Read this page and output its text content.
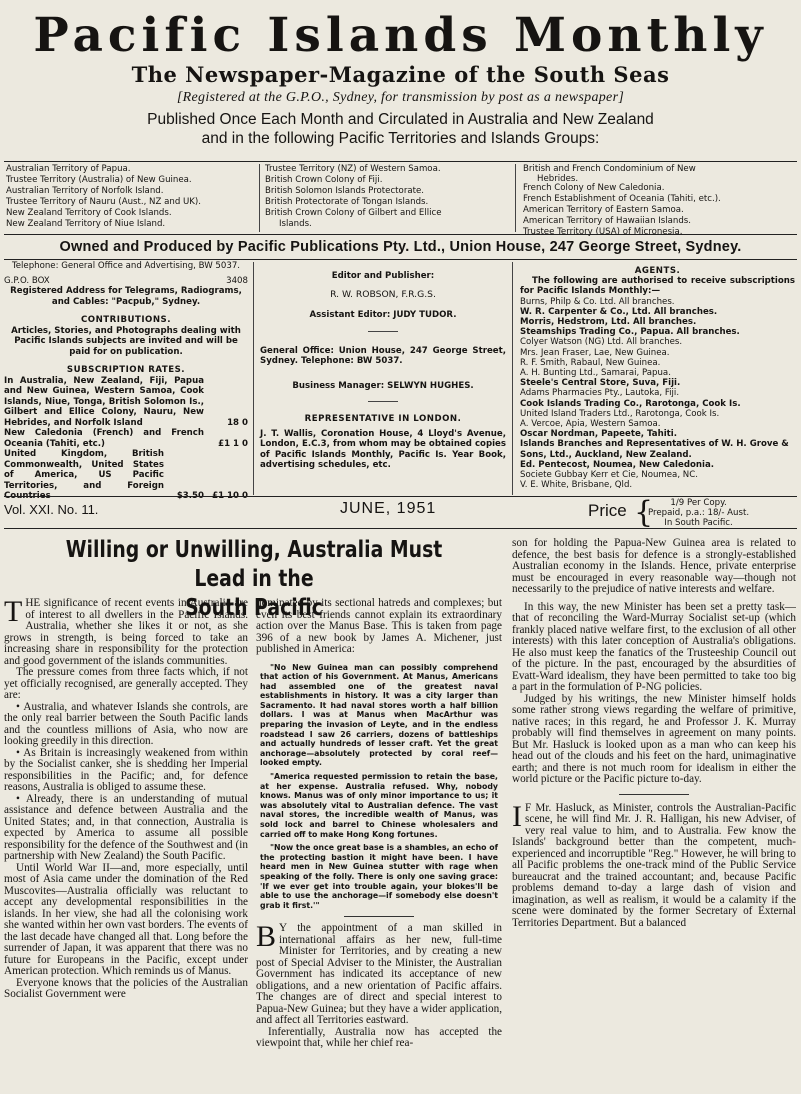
Pacific Islands Monthly
The Newspaper-Magazine of the South Seas
[Registered at the G.P.O., Sydney, for transmission by post as a newspaper]
Published Once Each Month and Circulated in Australia and New Zealand
and in the following Pacific Territories and Islands Groups:
Australian Territory of Papua.
Trustee Territory (Australia) of New Guinea.
Australian Territory of Norfolk Island.
Trustee Territory of Nauru (Aust., NZ and UK).
New Zealand Territory of Cook Islands.
New Zealand Territory of Niue Island.
Trustee Territory (NZ) of Western Samoa.
British Crown Colony of Fiji.
British Solomon Islands Protectorate.
British Protectorate of Tongan Islands.
British Crown Colony of Gilbert and Ellice
Islands.
British and French Condominium of New
Hebrides.
French Colony of New Caledonia.
French Establishment of Oceania (Tahiti, etc.).
American Territory of Eastern Samoa.
American Territory of Hawaiian Islands.
Trustee Territory (USA) of Micronesia.
Owned and Produced by Pacific Publications Pty. Ltd., Union House, 247 George Street, Sydney.
Telephone: General Office and Advertising, BW 5037.
G.P.O. BOX	3408
Registered Address for Telegrams, Radiograms, and Cables: "Pacpub," Sydney.
CONTRIBUTIONS.
Articles, Stories, and Photographs dealing with Pacific Islands subjects are invited and will be paid for on publication.
SUBSCRIPTION RATES.
In Australia, New Zealand, Fiji, Papua and New Guinea, Western Samoa, Cook Islands, Niue, Tonga, British Solomon Is., Gilbert and Ellice Colony, Nauru, New Hebrides, and Norfolk Island	18 0
New Caledonia (French) and French Oceania (Tahiti, etc.)	£1 1 0
United Kingdom, British Commonwealth, United States of America, US Pacific Territories, and Foreign Countries	$3.50 £1 10 0
Editor and Publisher:
R. W. ROBSON, F.R.G.S.
Assistant Editor: JUDY TUDOR.
General Office: Union House, 247 George Street, Sydney. Telephone: BW 5037.
Business Manager: SELWYN HUGHES.
REPRESENTATIVE IN LONDON.
J. T. Wallis, Coronation House, 4 Lloyd's Avenue, London, E.C.3, from whom may be obtained copies of Pacific Islands Monthly, Pacific Is. Year Book, advertising schedules, etc.
AGENTS.
The following are authorised to receive subscriptions for Pacific Islands Monthly:—
Burns, Philp & Co. Ltd. All branches.
W. R. Carpenter & Co., Ltd. All branches.
Morris, Hedstrom, Ltd. All branches.
Steamships Trading Co., Papua. All branches.
Colyer Watson (NG) Ltd. All branches.
Mrs. Jean Fraser, Lae, New Guinea.
R. F. Smith, Rabaul, New Guinea.
A. H. Bunting Ltd., Samarai, Papua.
Steele's Central Store, Suva, Fiji.
Adams Pharmacies Pty., Lautoka, Fiji.
Cook Islands Trading Co., Rarotonga, Cook Is.
United Island Traders Ltd., Rarotonga, Cook Is.
A. Vercoe, Apia, Western Samoa.
Oscar Nordman, Papeete, Tahiti.
Islands Branches and Representatives of W. H. Grove & Sons, Ltd., Auckland, New Zealand.
Ed. Pentecost, Noumea, New Caledonia.
Societe Gubbay Kerr et Cie, Noumea, NC.
V. E. White, Brisbane, Qld.
Vol. XXI. No. 11.	JUNE, 1951	Price {	1/9 Per Copy.
Prepaid, p.a.: 18/- Aust.
In South Pacific.
Willing or Unwilling, Australia Must Lead in the
South Pacific

THE significance of recent events in Australia are of interest to all dwellers in the Pacific Islands. Australia, whether she likes it or not, as she grows in strength, is being forced to take an increasing share in responsibility for the protection and good government of the islands communities.

The pressure comes from three facts which, if not yet officially recognised, are generally accepted. They are:

• Australia, and whatever Islands she controls, are the only real barrier between the South Pacific lands and the countless millions of Asia, who now are looking greedily in this direction.

• As Britain is increasingly weakened from within by the Socialist canker, she is shedding her Imperial responsibilities in the Pacific; and, for defence reasons, Australia is obliged to assume these.

• Already, there is an understanding of mutual assistance and defence between Australia and the United States; and, in that connection, Australia is expected by America to assume all possible responsibility for the defence of the Southwest and (in partnership with New Zealand) the South Pacific.

Until World War II—and, more especially, until most of Asia came under the domination of the Red Muscovites—Australia officially was reluctant to accept any developmental responsibilities in the islands. In her view, she had all the colonising work she wanted within her own vast borders. The events of the last decade have changed all that. Long before the surrender of Japan, it was apparent that there was no future for Europeans in the Pacific, except under American protection. Which reminds us of Manus.

Everyone knows that the policies of the Australian Socialist Government were

dominated by its sectional hatreds and complexes; but even its best friends cannot explain its extraordinary action over the Manus Base. This is taken from page 396 of a new book by James A. Michener, just published in America:

"No New Guinea man can possibly comprehend that action of his Government. At Manus, Americans had assembled one of the greatest naval establishments in history. It was a city larger than Sacramento. It had naval stores worth a half billion dollars. I was at Manus when MacArthur was preparing the invasion of Leyte, and in the endless roadstead I saw 26 carriers, dozens of battleships and actually hundreds of lesser craft. Yet the great anchorage—absolutely protected by coral reef—looked empty.

"America requested permission to retain the base, at her expense. Australia refused. Why, nobody knows. Manus was of only minor importance to us; it was absolutely vital to Australian defence. The vast naval stores, the incredible wealth of Manus, was sold lock and barrel to Chinese wholesalers and carried off to make Hong Kong fortunes.

"Now the once great base is a shambles, an echo of the protecting bastion it might have been. I have heard men in New Guinea stutter with rage when speaking of the folly. There is only one saving grace: 'If we ever get into trouble again, your blokes'll be able to use the anchorage—if somebody else doesn't grab it first.'"

B Y the appointment of a man skilled in international affairs as her new, full-time Minister for Territories, and by creating a new post of Special Adviser to the Minister, the Australian Government has indicated its acceptance of new obligations, and a new orientation of Pacific affairs. The changes are of direct and special interest to Papua-New Guinea; but they have a wider application, and affect all Territories eastward.

Inferentially, Australia now has accepted the viewpoint that, while her chief rea-

son for holding the Papua-New Guinea area is related to defence, the best basis for defence is a strongly-established Australian economy in the Islands. Hence, private enterprise must be encouraged in every reasonable way—though not necessarily to the prejudice of native interests and welfare.

In this way, the new Minister has been set a pretty task—that of reconciling the Ward-Murray Socialist set-up (which frankly placed native welfare first, to the exclusion of all other interests) with this later conception of Australia's obligations. He also must keep the fanatics of the Trusteeship Council out of the picture. In the past, encouraged by the absurdities of Evatt-Ward idealism, they have been permitted to take too big a part in the formulation of P-NG policies.

Judged by his writings, the new Minister himself holds some rather strong views regarding the welfare of primitive, native races; in this regard, he and Professor J. K. Murray probably will find themselves in agreement on many points. But Mr. Hasluck is looked upon as a man who can keep his head out of the clouds and his feet on the hard, unimaginative earth; and there is not much room for idealism in either the world picture or the Pacific picture to-day.

I F Mr. Hasluck, as Minister, controls the Australian-Pacific scene, he will find Mr. J. R. Halligan, his new Adviser, of very real value to him, and to Australia. Few know the Islands' background better than the competent, much-experienced and incorruptible "Reg." However, he will bring to all Pacific problems the one-track mind of the Public Service bureaucrat and the trained accountant; and, because Pacific problems demand to-day a large dash of vision and imagination, as well as realism, it would be a calamity if the scene were dominated by the former Secretary of External Territories Department. But a balanced
